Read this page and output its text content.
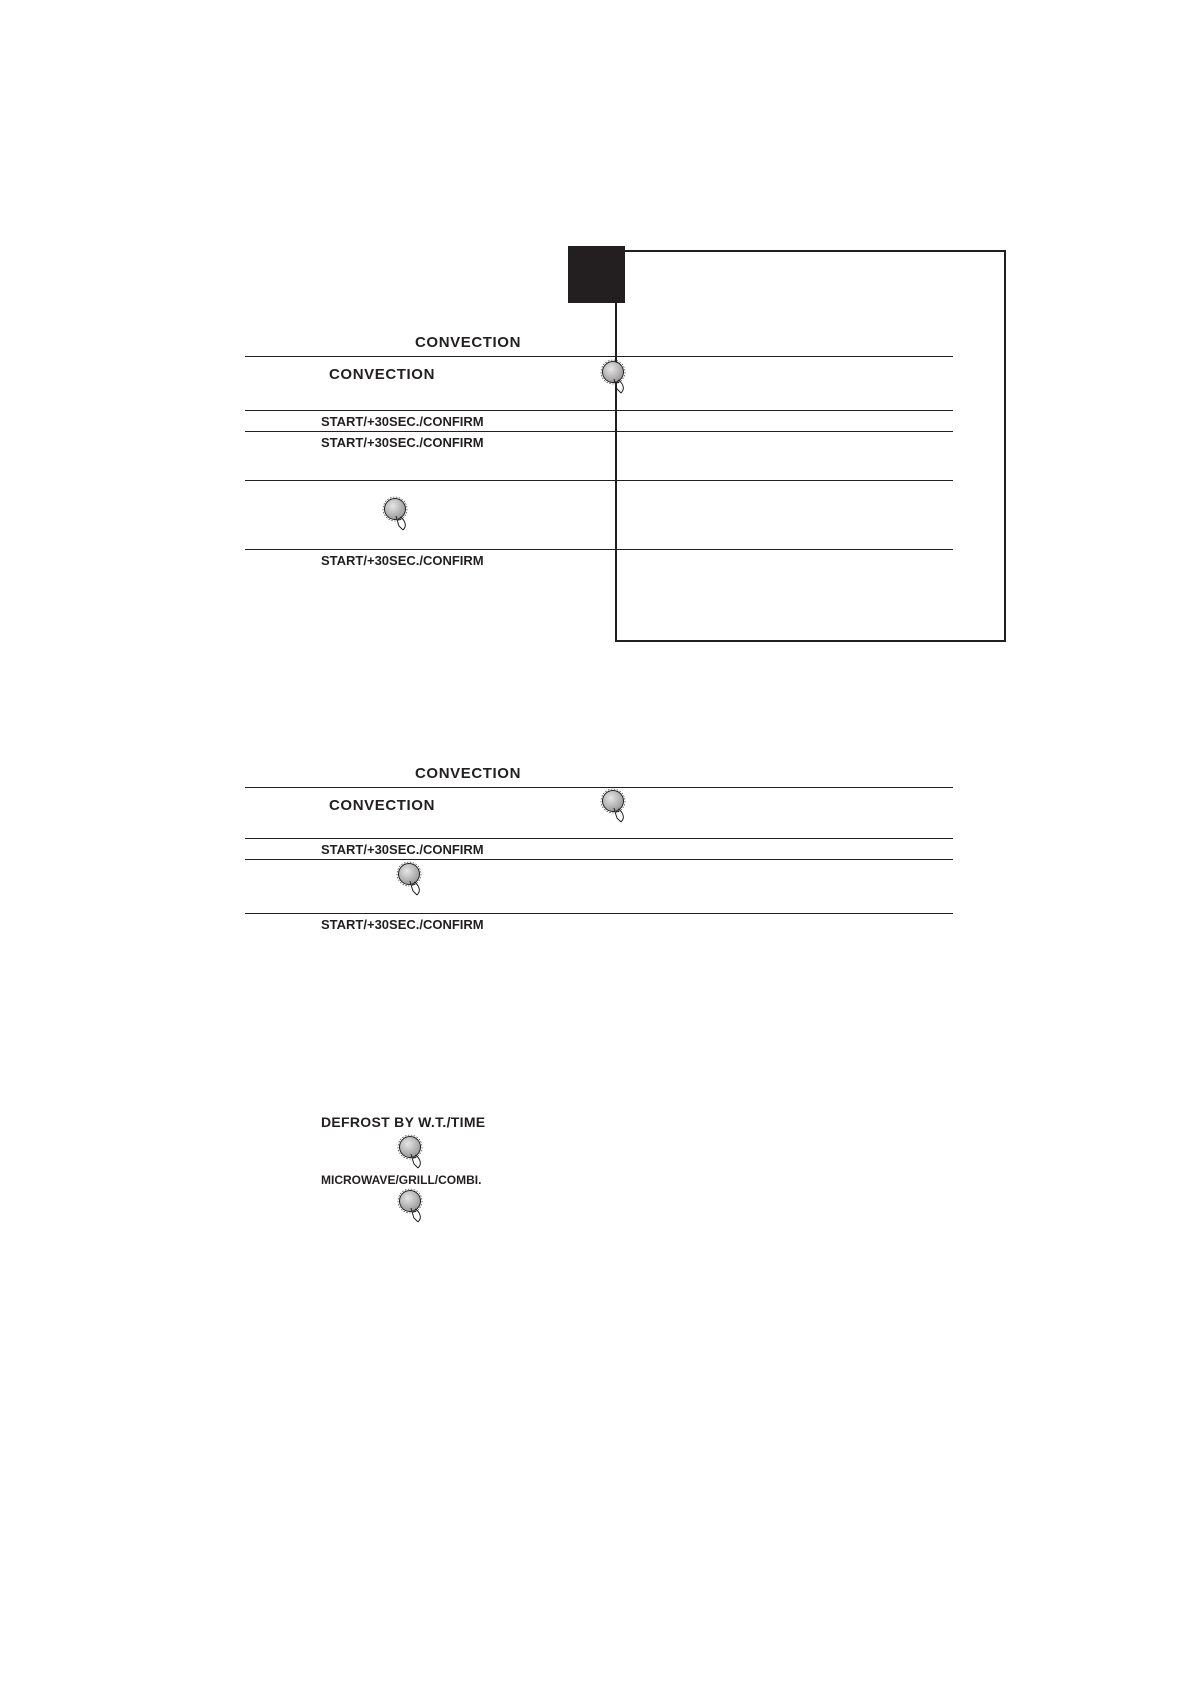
CONVECTION
CONVECTION
START/+30SEC./CONFIRM
START/+30SEC./CONFIRM
START/+30SEC./CONFIRM
CONVECTION
CONVECTION
START/+30SEC./CONFIRM
START/+30SEC./CONFIRM
DEFROST BY W.T./TIME
MICROWAVE/GRILL/COMBI.
